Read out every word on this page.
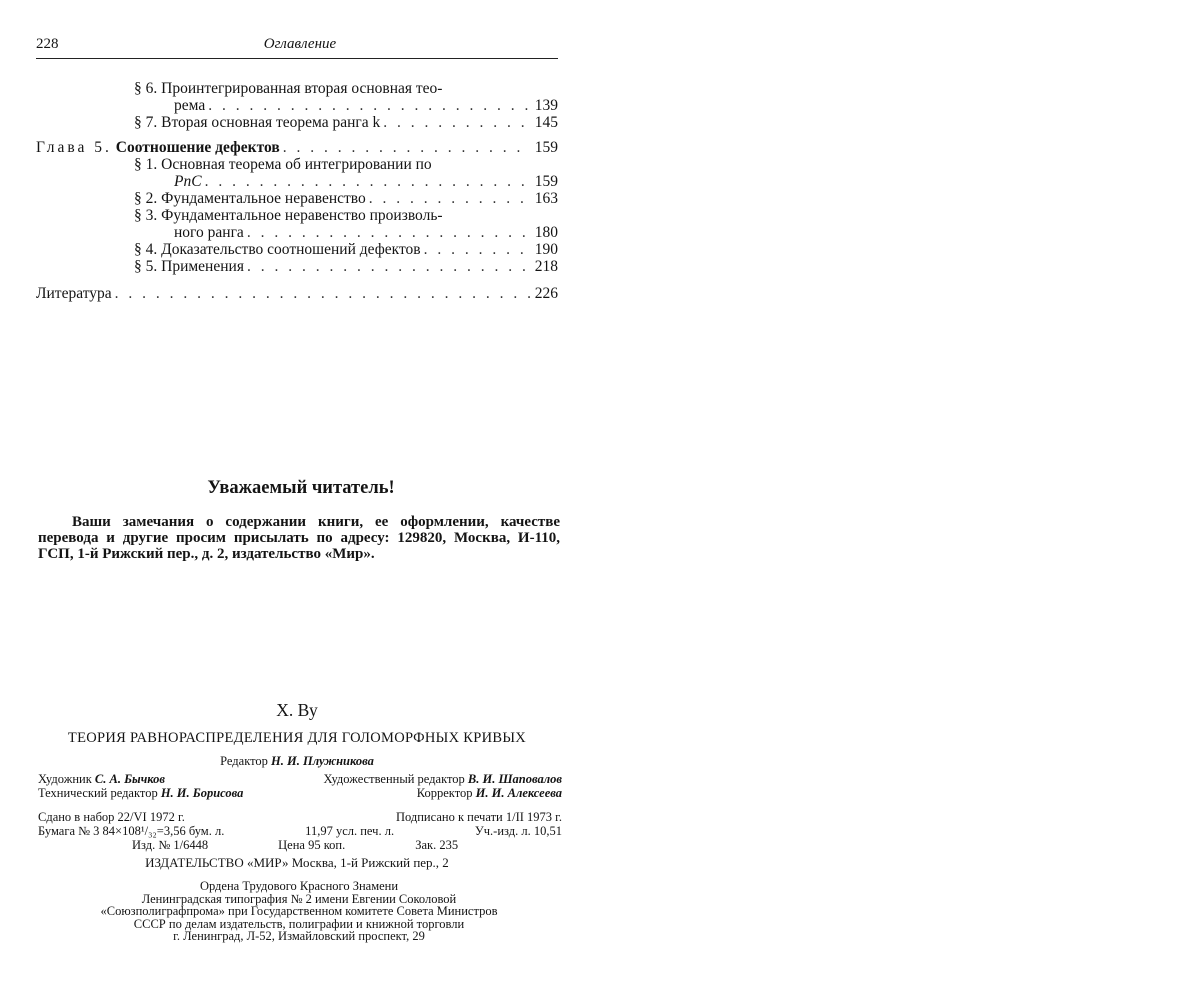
228	Оглавление
§ 6. Проинтегрированная вторая основная тео-
рема . . .	139
§ 7. Вторая основная теорема ранга k . . .	145
Глава 5.
Соотношение дефектов . . .	159
§ 1. Основная теорема об интегрировании по
PnC . . .	159
§ 2. Фундаментальное неравенство . . .	163
§ 3. Фундаментальное неравенство произволь-
ного ранга . . .	180
§ 4. Доказательство соотношений дефектов . . .	190
§ 5. Применения . . .	218
Литература . . .	226
Уважаемый читатель!
Ваши замечания о содержании книги, ее оформлении, качестве перевода и другие просим присылать по адресу: 129820, Москва, И-110, ГСП, 1-й Рижский пер., д. 2, издательство «Мир».
Х. Ву
ТЕОРИЯ РАВНОРАСПРЕДЕЛЕНИЯ ДЛЯ ГОЛОМОРФНЫХ КРИВЫХ
Редактор Н. И. Плужникова
Художник С. А. Бычков	Художественный редактор В. И. Шаповалов
Технический редактор Н. И. Борисова	Корректор И. И. Алексеева
Сдано в набор 22/VI 1972 г.	Подписано к печати 1/II 1973 г.
Бумага № 3 84×108¹/₃₂=3,56 бум. л.	11,97 усл. печ. л.	Уч.-изд. л. 10,51
Изд. № 1/6448	Цена 95 коп.	Зак. 235
ИЗДАТЕЛЬСТВО «МИР» Москва, 1-й Рижский пер., 2
Ордена Трудового Красного Знамени
Ленинградская типография № 2 имени Евгении Соколовой
«Союзполиграфпрома» при Государственном комитете Совета Министров
СССР по делам издательств, полиграфии и книжной торговли
г. Ленинград, Л-52, Измайловский проспект, 29
